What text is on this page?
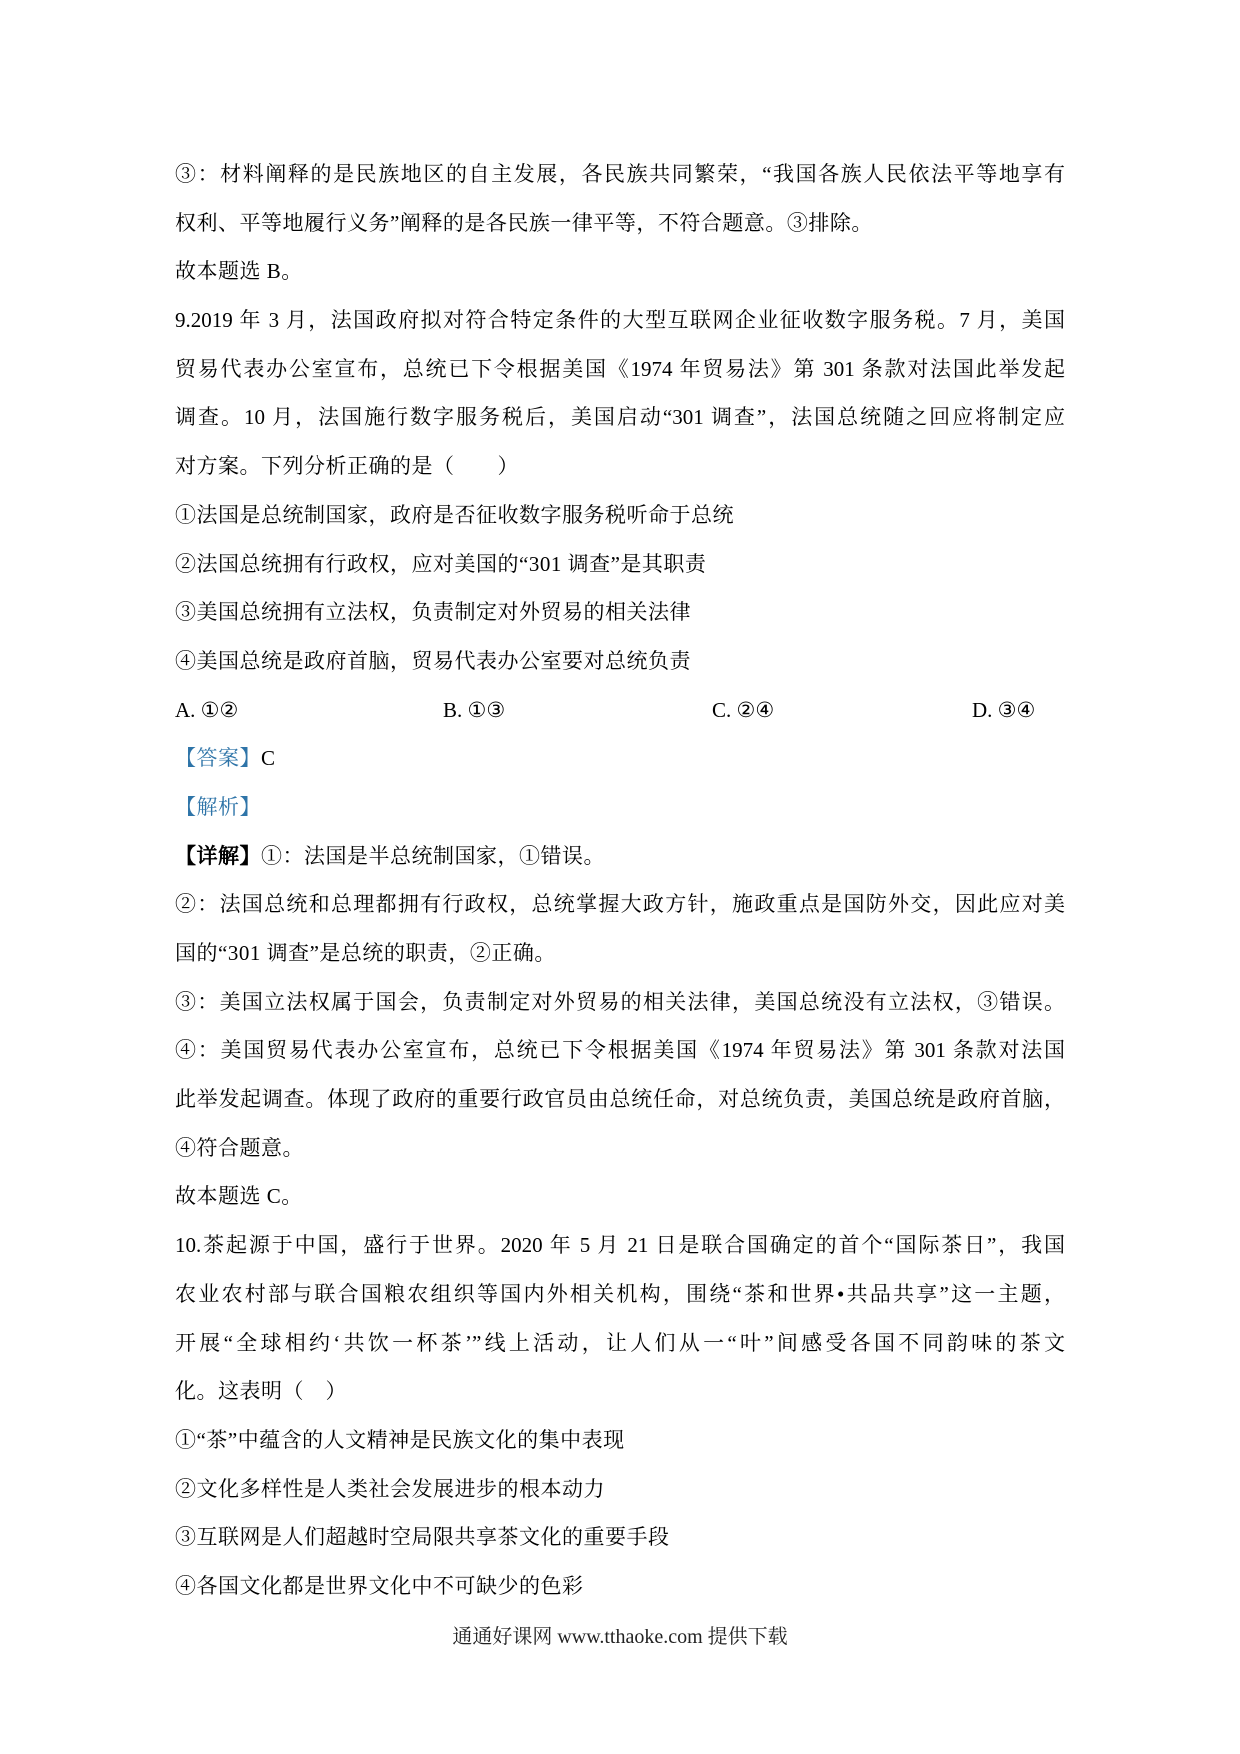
③：材料阐释的是民族地区的自主发展，各民族共同繁荣，“我国各族人民依法平等地享有
权利、平等地履行义务”阐释的是各民族一律平等，不符合题意。③排除。
故本题选 B。
9.2019 年 3 月，法国政府拟对符合特定条件的大型互联网企业征收数字服务税。7 月，美国
贸易代表办公室宣布，总统已下令根据美国《1974 年贸易法》第 301 条款对法国此举发起
调查。10 月，法国施行数字服务税后，美国启动“301 调查”，法国总统随之回应将制定应
对方案。下列分析正确的是（　　）
①法国是总统制国家，政府是否征收数字服务税听命于总统
②法国总统拥有行政权，应对美国的“301 调查”是其职责
③美国总统拥有立法权，负责制定对外贸易的相关法律
④美国总统是政府首脑，贸易代表办公室要对总统负责
A. ①②	B. ①③	C. ②④	D. ③④
【答案】C
【解析】
【详解】①：法国是半总统制国家，①错误。
②：法国总统和总理都拥有行政权，总统掌握大政方针，施政重点是国防外交，因此应对美
国的“301 调查”是总统的职责，②正确。
③：美国立法权属于国会，负责制定对外贸易的相关法律，美国总统没有立法权，③错误。
④：美国贸易代表办公室宣布，总统已下令根据美国《1974 年贸易法》第 301 条款对法国
此举发起调查。体现了政府的重要行政官员由总统任命，对总统负责，美国总统是政府首脑，
④符合题意。
故本题选 C。
10.茶起源于中国，盛行于世界。2020 年 5 月 21 日是联合国确定的首个“国际茶日”，我国
农业农村部与联合国粮农组织等国内外相关机构，围绕“茶和世界•共品共享”这一主题，
开展“全球相约‘共饮一杯茶’”线上活动，让人们从一“叶”间感受各国不同韵味的茶文
化。这表明（　）
①“茶”中蕴含的人文精神是民族文化的集中表现
②文化多样性是人类社会发展进步的根本动力
③互联网是人们超越时空局限共享茶文化的重要手段
④各国文化都是世界文化中不可缺少的色彩
通通好课网 www.tthaoke.com 提供下载
